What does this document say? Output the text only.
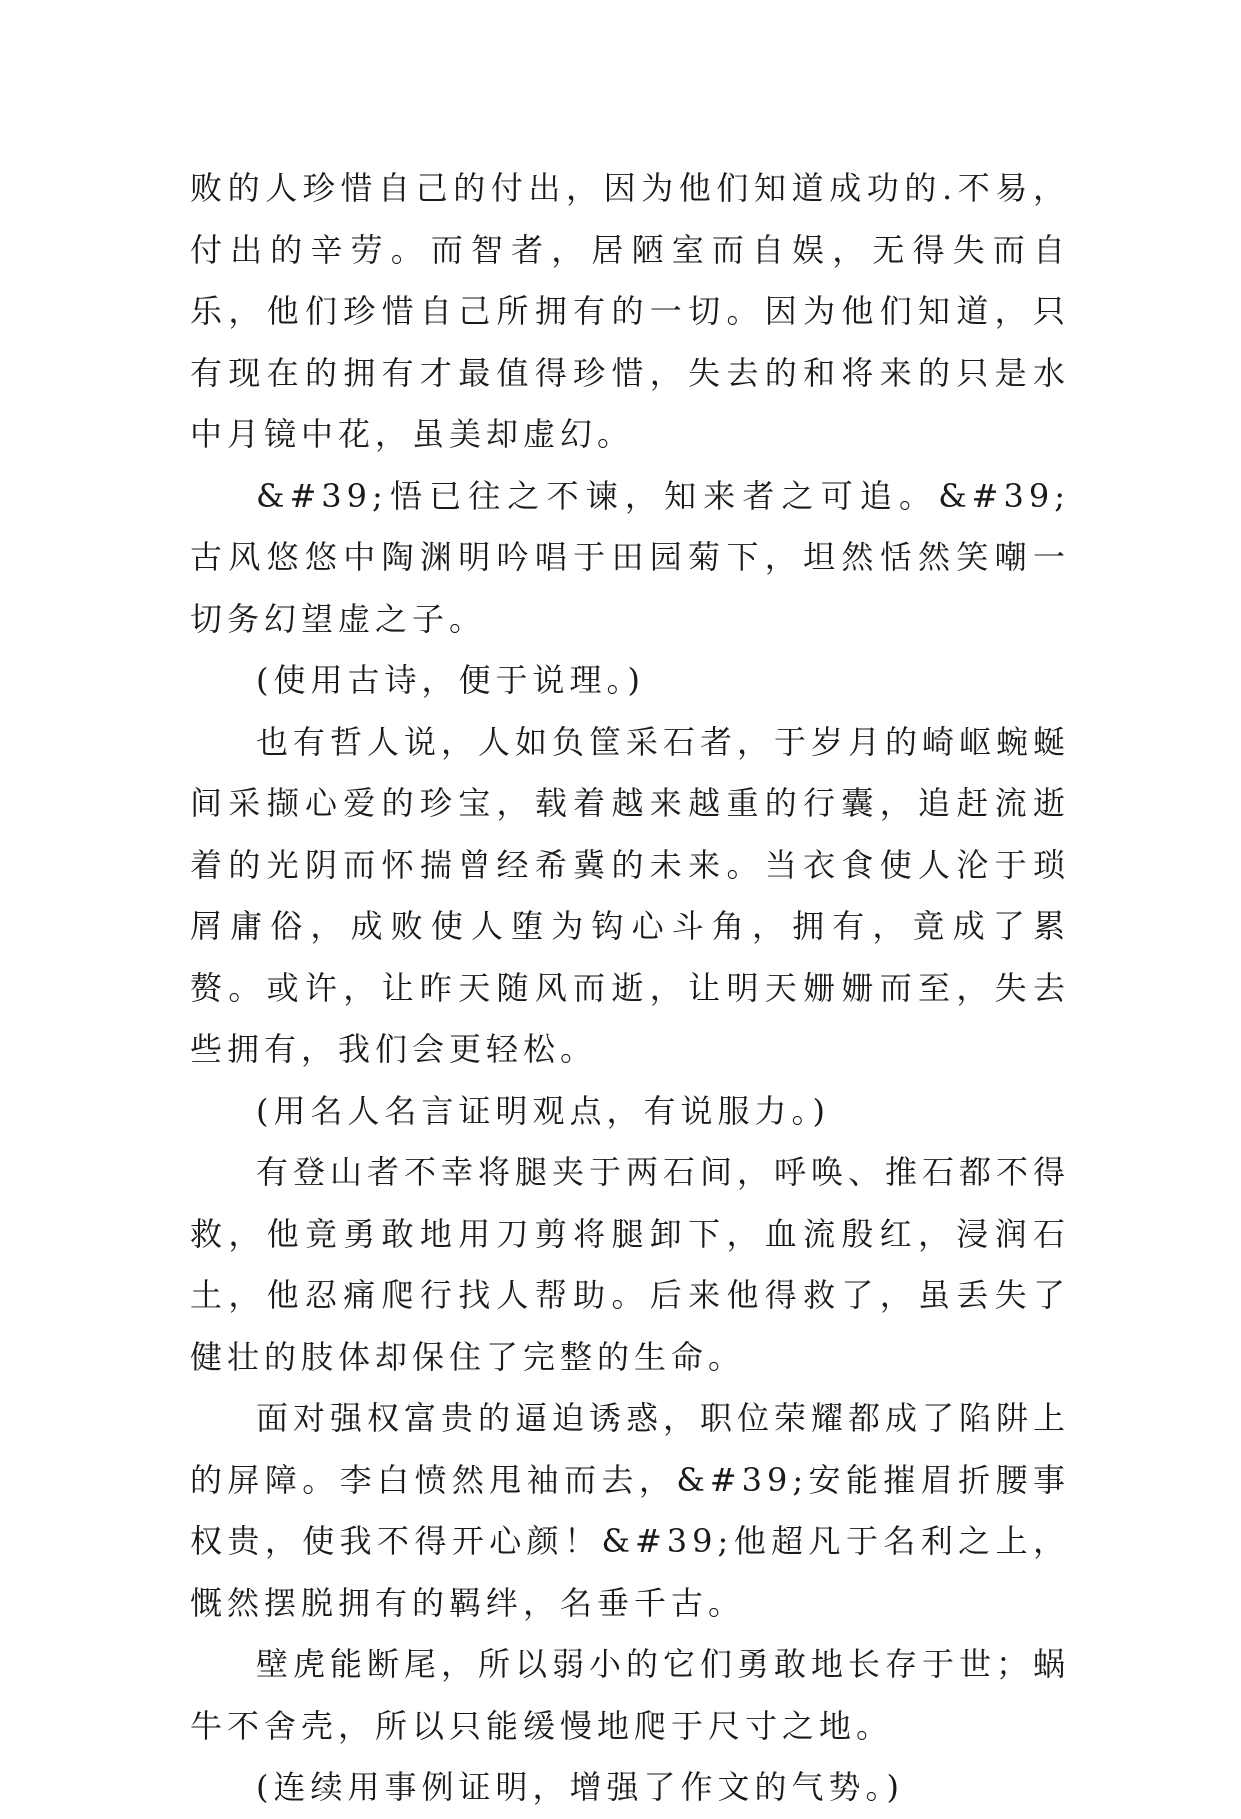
败的人珍惜自己的付出，因为他们知道成功的.不易，付出的辛劳。而智者，居陋室而自娱，无得失而自乐，他们珍惜自己所拥有的一切。因为他们知道，只有现在的拥有才最值得珍惜，失去的和将来的只是水中月镜中花，虽美却虚幻。

&#39;悟已往之不谏，知来者之可追。&#39;古风悠悠中陶渊明吟唱于田园菊下，坦然恬然笑嘲一切务幻望虚之子。

(使用古诗，便于说理。)

也有哲人说，人如负筐采石者，于岁月的崎岖蜿蜒间采撷心爱的珍宝，载着越来越重的行囊，追赶流逝着的光阴而怀揣曾经希冀的未来。当衣食使人沦于琐屑庸俗，成败使人堕为钩心斗角，拥有，竟成了累赘。或许，让昨天随风而逝，让明天姗姗而至，失去些拥有，我们会更轻松。

(用名人名言证明观点，有说服力。)

有登山者不幸将腿夹于两石间，呼唤、推石都不得救，他竟勇敢地用刀剪将腿卸下，血流殷红，浸润石土，他忍痛爬行找人帮助。后来他得救了，虽丢失了健壮的肢体却保住了完整的生命。

面对强权富贵的逼迫诱惑，职位荣耀都成了陷阱上的屏障。李白愤然甩袖而去，&#39;安能摧眉折腰事权贵，使我不得开心颜！&#39;他超凡于名利之上，慨然摆脱拥有的羁绊，名垂千古。

壁虎能断尾，所以弱小的它们勇敢地长存于世；蜗牛不舍壳，所以只能缓慢地爬于尺寸之地。

(连续用事例证明，增强了作文的气势。)
